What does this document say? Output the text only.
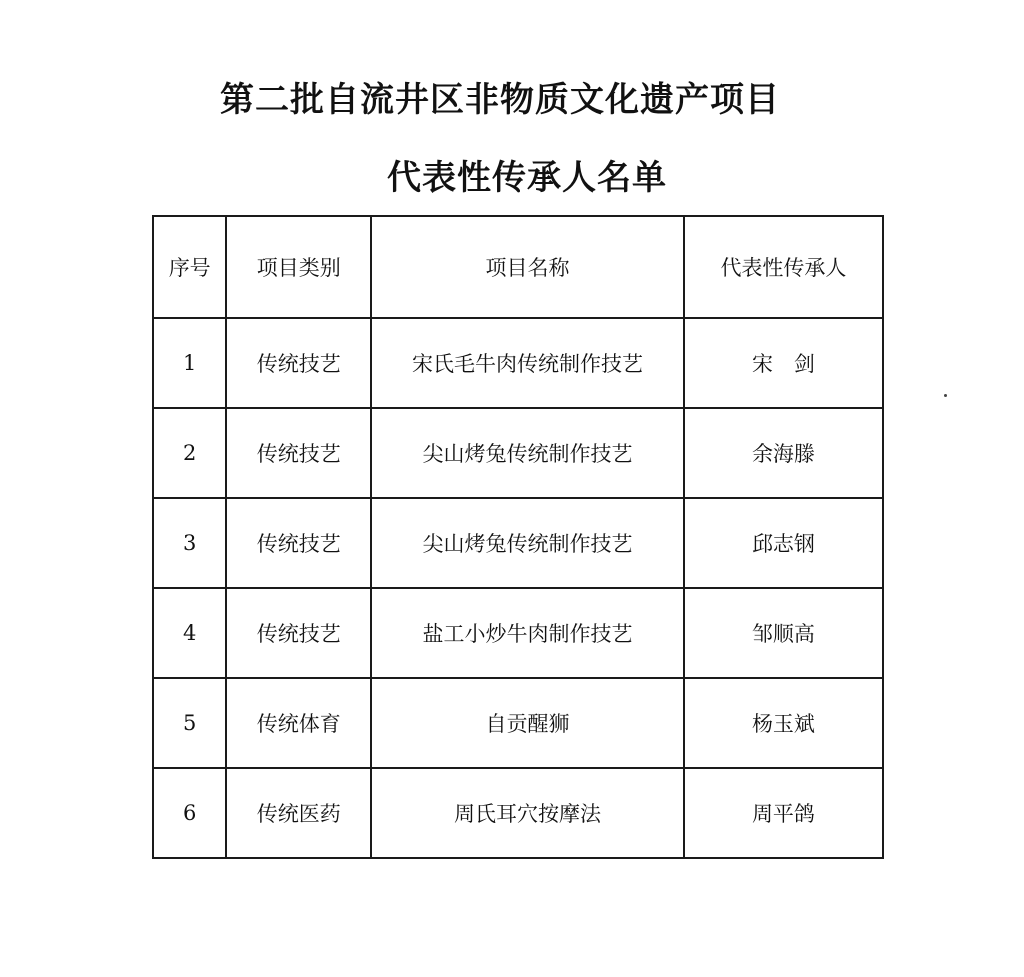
第二批自流井区非物质文化遗产项目
代表性传承人名单
序号	项目类别	项目名称	代表性传承人
1	传统技艺	宋氏毛牛肉传统制作技艺	宋　剑
2	传统技艺	尖山烤兔传统制作技艺	余海滕
3	传统技艺	尖山烤兔传统制作技艺	邱志钢
4	传统技艺	盐工小炒牛肉制作技艺	邹顺高
5	传统体育	自贡醒狮	杨玉斌
6	传统医药	周氏耳穴按摩法	周平鸽
